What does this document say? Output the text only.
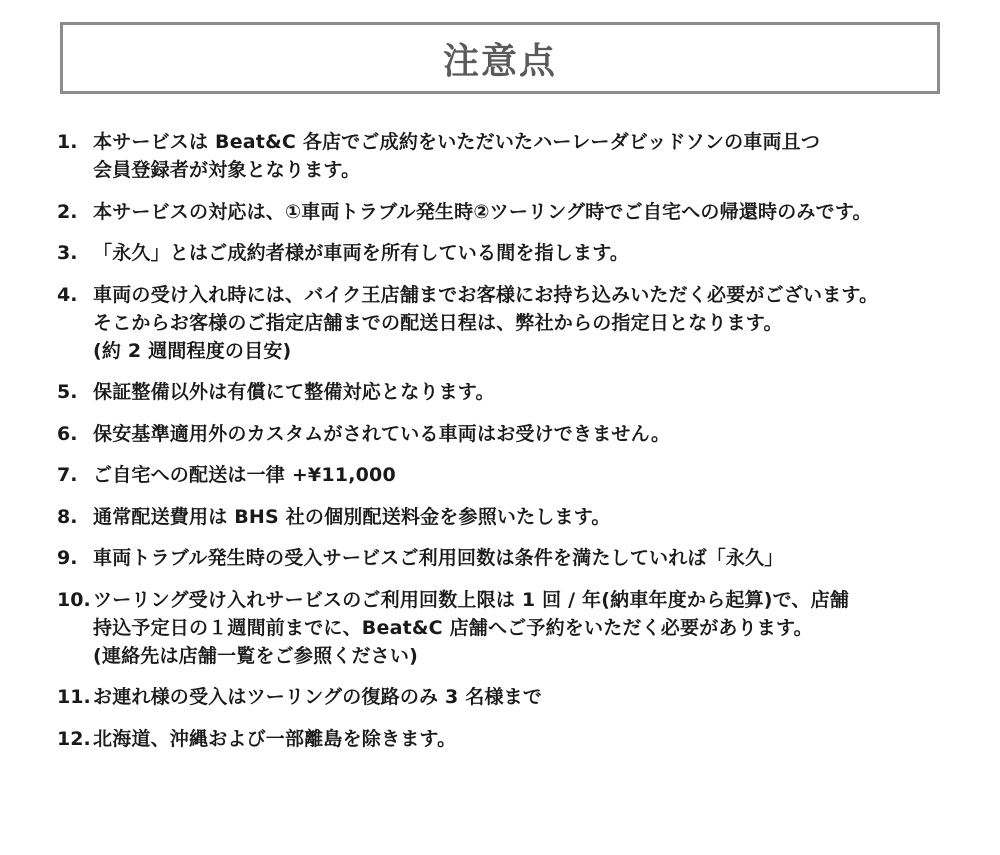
注意点
1. 本サービスは Beat&C 各店でご成約をいただいたハーレーダビッドソンの車両且つ
会員登録者が対象となります。
2. 本サービスの対応は、①車両トラブル発生時②ツーリング時でご自宅への帰還時のみです。
3. 「永久」とはご成約者様が車両を所有している間を指します。
4. 車両の受け入れ時には、バイク王店舗までお客様にお持ち込みいただく必要がございます。
そこからお客様のご指定店舗までの配送日程は、弊社からの指定日となります。
(約 2 週間程度の目安)
5. 保証整備以外は有償にて整備対応となります。
6. 保安基準適用外のカスタムがされている車両はお受けできません。
7. ご自宅への配送は一律 +¥11,000
8. 通常配送費用は BHS 社の個別配送料金を参照いたします。
9. 車両トラブル発生時の受入サービスご利用回数は条件を満たしていれば「永久」
10. ツーリング受け入れサービスのご利用回数上限は 1 回 / 年(納車年度から起算)で、店舗
持込予定日の１週間前までに、Beat&C 店舗へご予約をいただく必要があります。
(連絡先は店舗一覧をご参照ください)
11. お連れ様の受入はツーリングの復路のみ 3 名様まで
12. 北海道、沖縄および一部離島を除きます。
